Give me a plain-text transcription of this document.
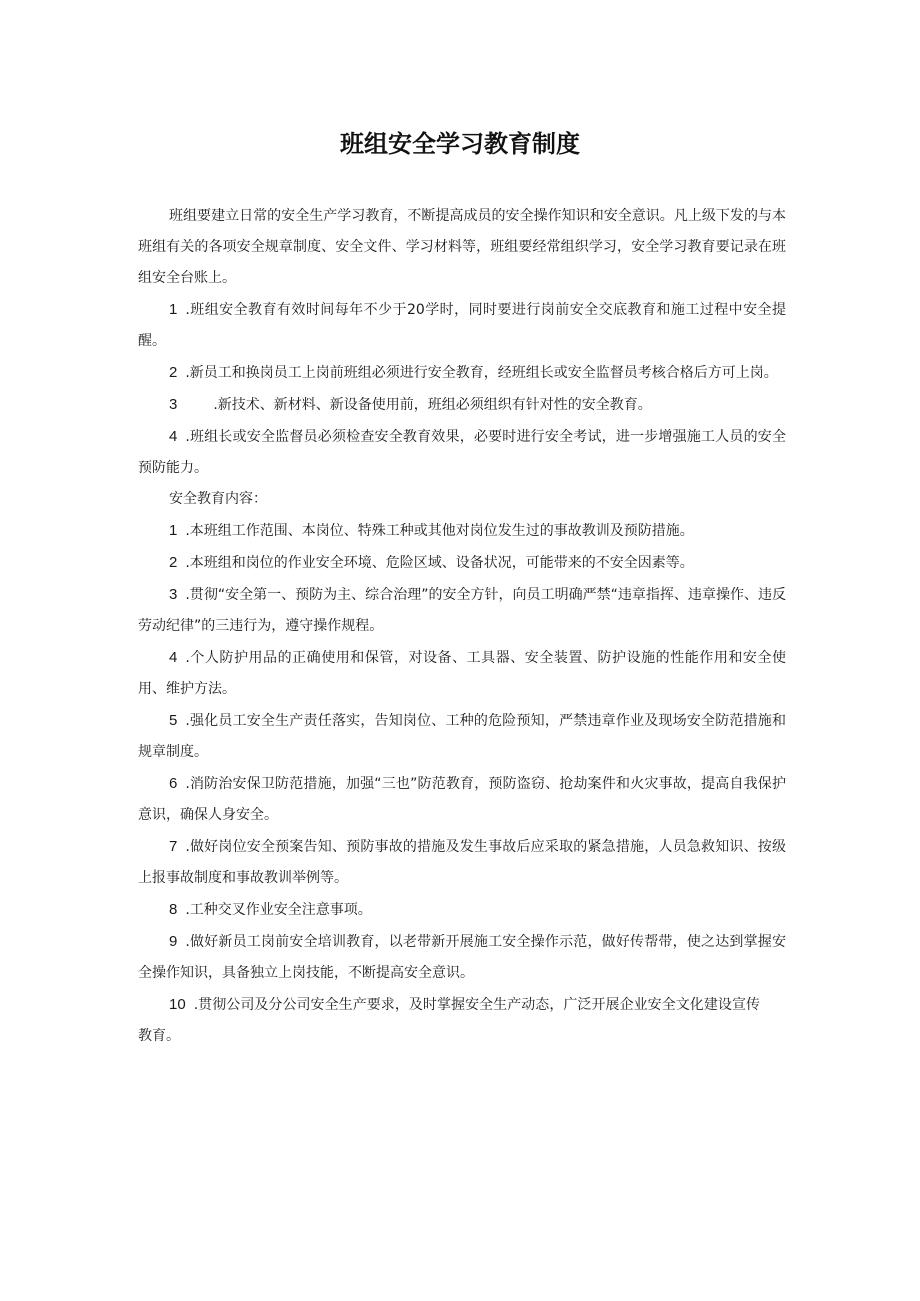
班组安全学习教育制度

班组要建立日常的安全生产学习教育，不断提高成员的安全操作知识和安全意识。凡上级下发的与本班组有关的各项安全规章制度、安全文件、学习材料等，班组要经常组织学习，安全学习教育要记录在班组安全台账上。

1 .班组安全教育有效时间每年不少于20学时，同时要进行岗前安全交底教育和施工过程中安全提醒。

2 .新员工和换岗员工上岗前班组必须进行安全教育，经班组长或安全监督员考核合格后方可上岗。

3	.新技术、新材料、新设备使用前，班组必须组织有针对性的安全教育。

4 .班组长或安全监督员必须检查安全教育效果，必要时进行安全考试，进一步增强施工人员的安全预防能力。

安全教育内容：

1 .本班组工作范围、本岗位、特殊工种或其他对岗位发生过的事故教训及预防措施。

2 .本班组和岗位的作业安全环境、危险区域、设备状况，可能带来的不安全因素等。

3 .贯彻“安全第一、预防为主、综合治理”的安全方针，向员工明确严禁“违章指挥、违章操作、违反劳动纪律”的三违行为，遵守操作规程。

4 .个人防护用品的正确使用和保管，对设备、工具器、安全装置、防护设施的性能作用和安全使用、维护方法。

5 .强化员工安全生产责任落实，告知岗位、工种的危险预知，严禁违章作业及现场安全防范措施和规章制度。

6 .消防治安保卫防范措施，加强“三也”防范教育，预防盗窃、抢劫案件和火灾事故，提高自我保护意识，确保人身安全。

7 .做好岗位安全预案告知、预防事故的措施及发生事故后应采取的紧急措施，人员急救知识、按级上报事故制度和事故教训举例等。

8 .工种交叉作业安全注意事项。

9 .做好新员工岗前安全培训教育，以老带新开展施工安全操作示范，做好传帮带，使之达到掌握安全操作知识，具备独立上岗技能，不断提高安全意识。

10 .贯彻公司及分公司安全生产要求，及时掌握安全生产动态，广泛开展企业安全文化建设宣传教育。
